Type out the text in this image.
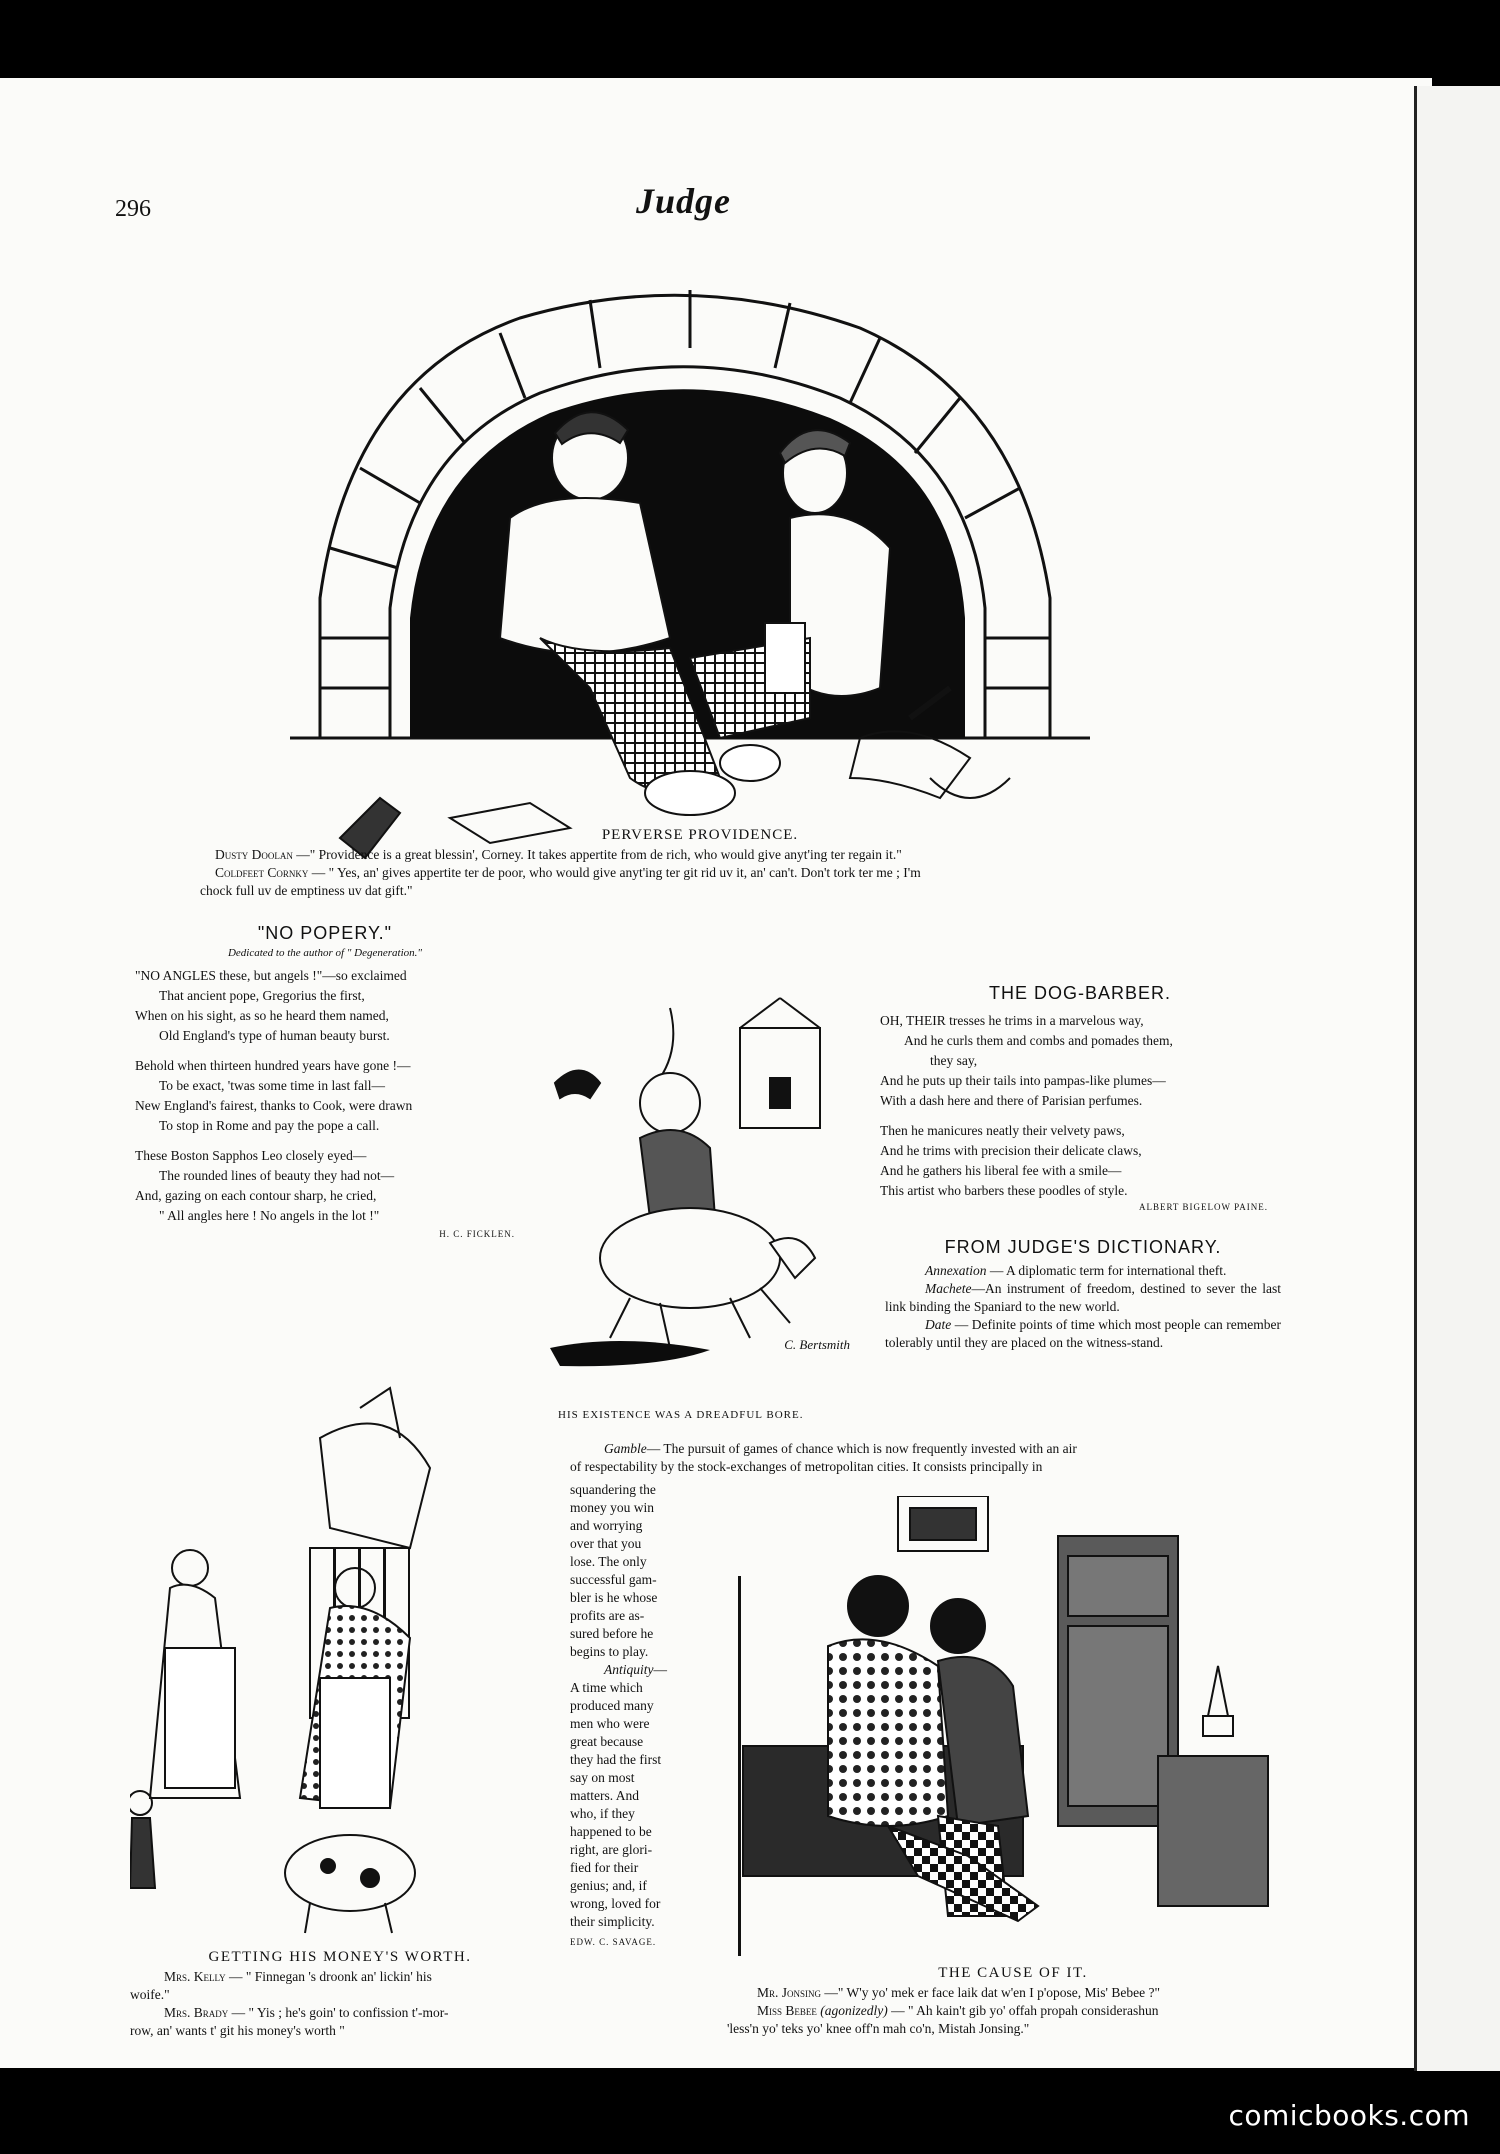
296	Judge
PERVERSE PROVIDENCE.
Dusty Doolan —" Providence is a great blessin', Corney. It takes appertite from de rich, who would give anyt'ing ter regain it."
Coldfeet Cornky — " Yes, an' gives appertite ter de poor, who would give anyt'ing ter git rid uv it, an' can't. Don't tork ter me ; I'm
chock full uv de emptiness uv dat gift."
"NO POPERY."
Dedicated to the author of " Degeneration."

"NO ANGLES these, but angels !"—so exclaimed

That ancient pope, Gregorius the first,

When on his sight, as so he heard them named,

Old England's type of human beauty burst.

Behold when thirteen hundred years have gone !—

To be exact, 'twas some time in last fall—

New England's fairest, thanks to Cook, were drawn

To stop in Rome and pay the pope a call.

These Boston Sapphos Leo closely eyed—

The rounded lines of beauty they had not—

And, gazing on each contour sharp, he cried,

" All angles here ! No angels in the lot !"

H. C. FICKLEN.
C. Bertsmith
HIS EXISTENCE WAS A DREADFUL BORE.
THE DOG-BARBER.

OH, THEIR tresses he trims in a marvelous way,

And he curls them and combs and pomades them,

they say,

And he puts up their tails into pampas-like plumes—

With a dash here and there of Parisian perfumes.

Then he manicures neatly their velvety paws,

And he trims with precision their delicate claws,

And he gathers his liberal fee with a smile—

This artist who barbers these poodles of style.

ALBERT BIGELOW PAINE.
FROM JUDGE'S DICTIONARY.

Annexation — A diplomatic term for international theft.

Machete—An instrument of freedom, destined to sever the last link binding the Spaniard to the new world.

Date — Definite points of time which most people can remember tolerably until they are placed on the witness-stand.

Gamble— The pursuit of games of chance which is now frequently invested with an air
of respectability by the stock-exchanges of metropolitan cities. It consists principally in
squandering the
money you win
and worrying
over that you
lose. The only
successful gam-
bler is he whose
profits are as-
sured before he
begins to play.
Antiquity—
A time which
produced many
men who were
great because
they had the first
say on most
matters. And
who, if they
happened to be
right, are glori-
fied for their
genius; and, if
wrong, loved for
their simplicity.
EDW. C. SAVAGE.
GETTING HIS MONEY'S WORTH.
Mrs. Kelly — " Finnegan 's droonk an' lickin' his
woife."
Mrs. Brady — " Yis ; he's goin' to confission t'-mor-
row, an' wants t' git his money's worth "
THE CAUSE OF IT.
Mr. Jonsing —" W'y yo' mek er face laik dat w'en I p'opose, Mis' Bebee ?"
Miss Bebee (agonizedly) — " Ah kain't gib yo' offah propah considerashun
'less'n yo' teks yo' knee off'n mah co'n, Mistah Jonsing."
comicbooks.com
